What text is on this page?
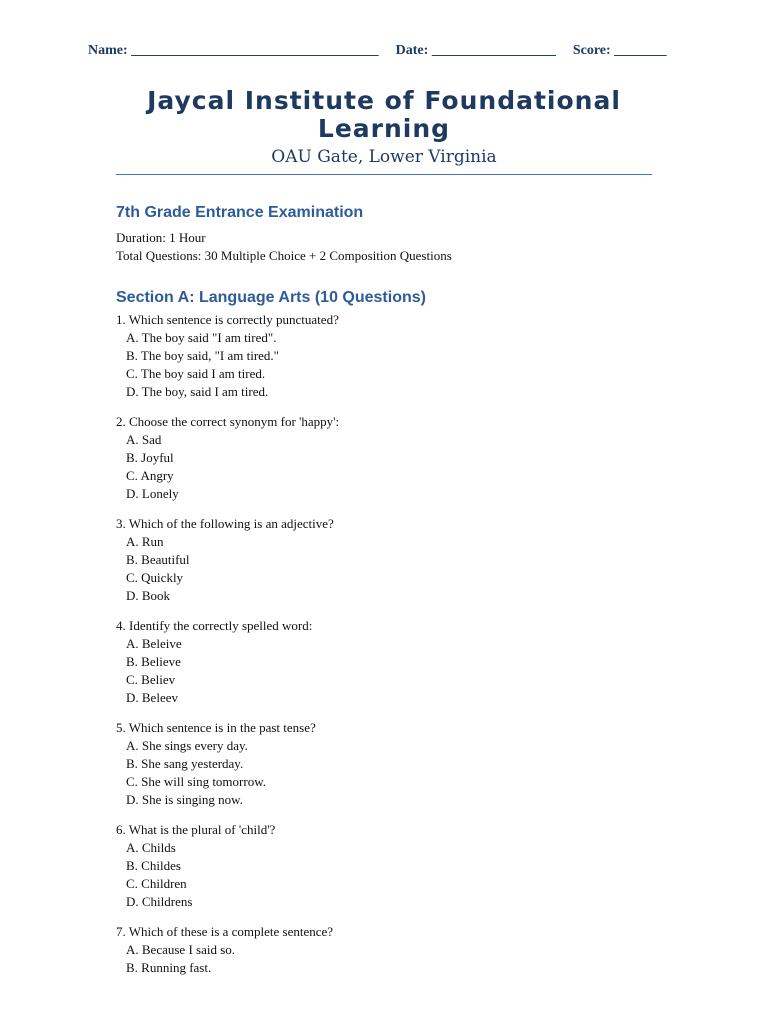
Name: ______________________________________ Date: ___________________ Score: ________
Jaycal Institute of Foundational Learning
OAU Gate, Lower Virginia
7th Grade Entrance Examination
Duration: 1 Hour
Total Questions: 30 Multiple Choice + 2 Composition Questions
Section A: Language Arts (10 Questions)
1. Which sentence is correctly punctuated?
A. The boy said "I am tired".
B. The boy said, "I am tired."
C. The boy said I am tired.
D. The boy, said I am tired.
2. Choose the correct synonym for 'happy':
A. Sad
B. Joyful
C. Angry
D. Lonely
3. Which of the following is an adjective?
A. Run
B. Beautiful
C. Quickly
D. Book
4. Identify the correctly spelled word:
A. Beleive
B. Believe
C. Believ
D. Beleev
5. Which sentence is in the past tense?
A. She sings every day.
B. She sang yesterday.
C. She will sing tomorrow.
D. She is singing now.
6. What is the plural of 'child'?
A. Childs
B. Childes
C. Children
D. Childrens
7. Which of these is a complete sentence?
A. Because I said so.
B. Running fast.
